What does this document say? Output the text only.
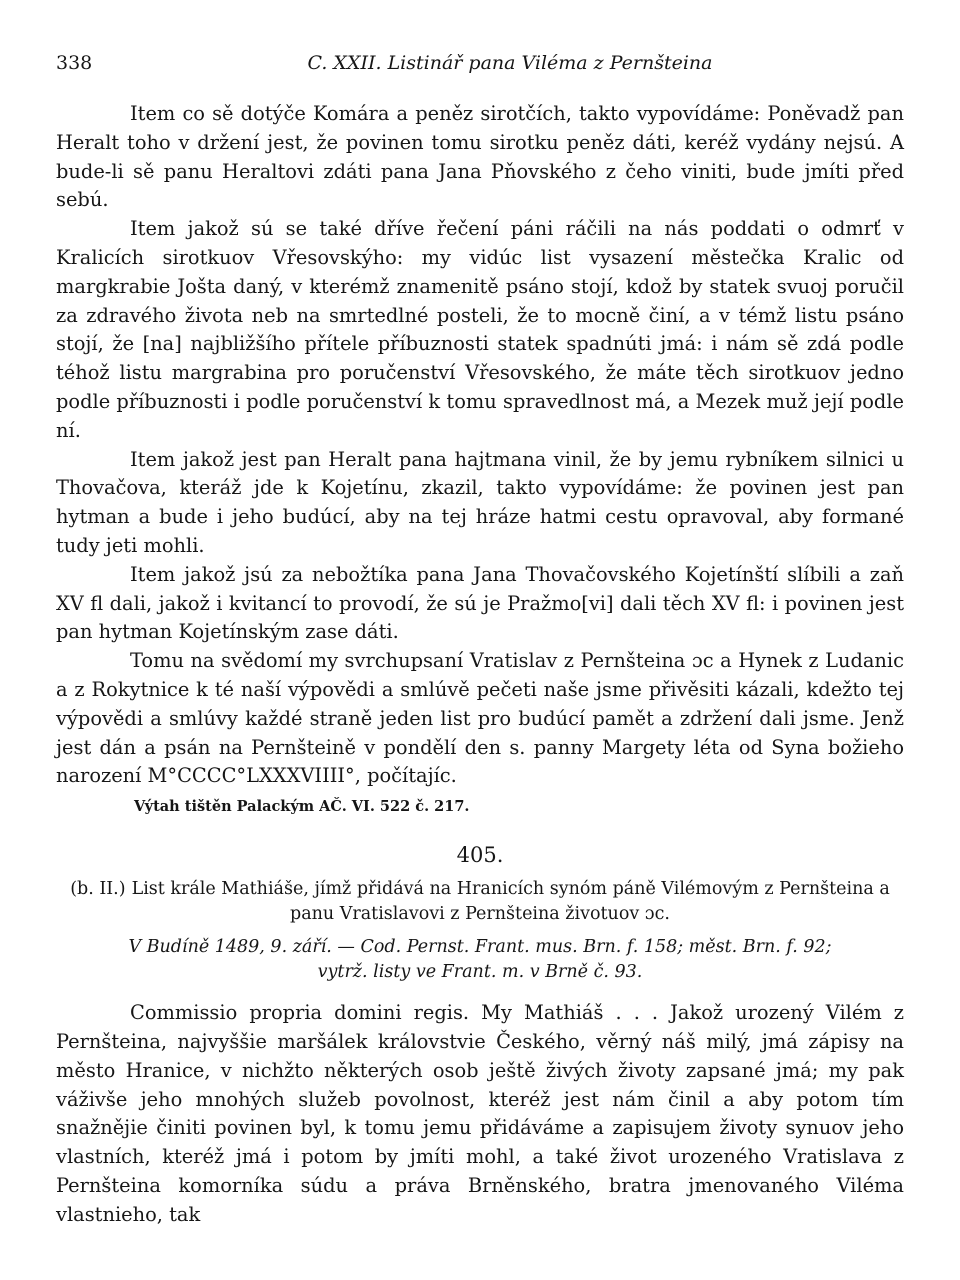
338	C. XXII. Listinář pana Viléma z Pernšteina

Item co sě dotýče Komára a peněz sirotčích, takto vypovídáme: Poněvadž pan Heralt toho v držení jest, že povinen tomu sirotku peněz dáti, keréž vydány nejsú. A bude-li sě panu Heraltovi zdáti pana Jana Pňovského z čeho viniti, bude jmíti před sebú.

Item jakož sú se také dříve řečení páni ráčili na nás poddati o odmrť v Kralicích sirotkuov Vřesovskýho: my vidúc list vysazení městečka Kralic od margkrabie Jošta daný, v kterémž znamenitě psáno stojí, kdož by statek svuoj poručil za zdravého života neb na smrtedlné posteli, že to mocně činí, a v témž listu psáno stojí, že [na] najbližšího přítele příbuznosti statek spadnúti jmá: i nám sě zdá podle téhož listu margrabina pro poručenství Vřesovského, že máte těch sirotkuov jedno podle příbuznosti i podle poručenství k tomu spravedlnost má, a Mezek muž její podle ní.

Item jakož jest pan Heralt pana hajtmana vinil, že by jemu rybníkem silnici u Thovačova, kteráž jde k Kojetínu, zkazil, takto vypovídáme: že povinen jest pan hytman a bude i jeho budúcí, aby na tej hráze hatmi cestu opravoval, aby formané tudy jeti mohli.

Item jakož jsú za nebožtíka pana Jana Thovačovského Kojetínští slíbili a zaň XV fl dali, jakož i kvitancí to provodí, že sú je Pražmo[vi] dali těch XV fl: i povinen jest pan hytman Kojetínským zase dáti.

Tomu na svědomí my svrchupsaní Vratislav z Pernšteina ɔc a Hynek z Ludanic a z Rokytnice k té naší výpovědi a smlúvě pečeti naše jsme přivěsiti kázali, kdežto tej výpovědi a smlúvy každé straně jeden list pro budúcí pamět a zdržení dali jsme. Jenž jest dán a psán na Pernšteině v pondělí den s. panny Margety léta od Syna božieho narození M°CCCC°LXXXVIIII°, počítajíc.

Výtah tištěn Palackým AČ. VI. 522 č. 217.
405.
(b. II.) List krále Mathiáše, jímž přidává na Hranicích synóm páně Vilémovým z Pernšteina a panu Vratislavovi z Pernšteina životuov ɔc.
V Budíně 1489, 9. září. — Cod. Pernst. Frant. mus. Brn. f. 158; měst. Brn. f. 92;
vytrž. listy ve Frant. m. v Brně č. 93.

Commissio propria domini regis. My Mathiáš . . . Jakož urozený Vilém z Pernšteina, najvyššie maršálek královstvie Českého, věrný náš milý, jmá zápisy na město Hranice, v nichžto některých osob ještě živých životy zapsané jmá; my pak váživše jeho mnohých služeb povolnost, kteréž jest nám činil a aby potom tím snažnějie činiti povinen byl, k tomu jemu přidáváme a zapisujem životy synuov jeho vlastních, kteréž jmá i potom by jmíti mohl, a také život urozeného Vratislava z Pernšteina komorníka súdu a práva Brněnského, bratra jmenovaného Viléma vlastnieho, tak
